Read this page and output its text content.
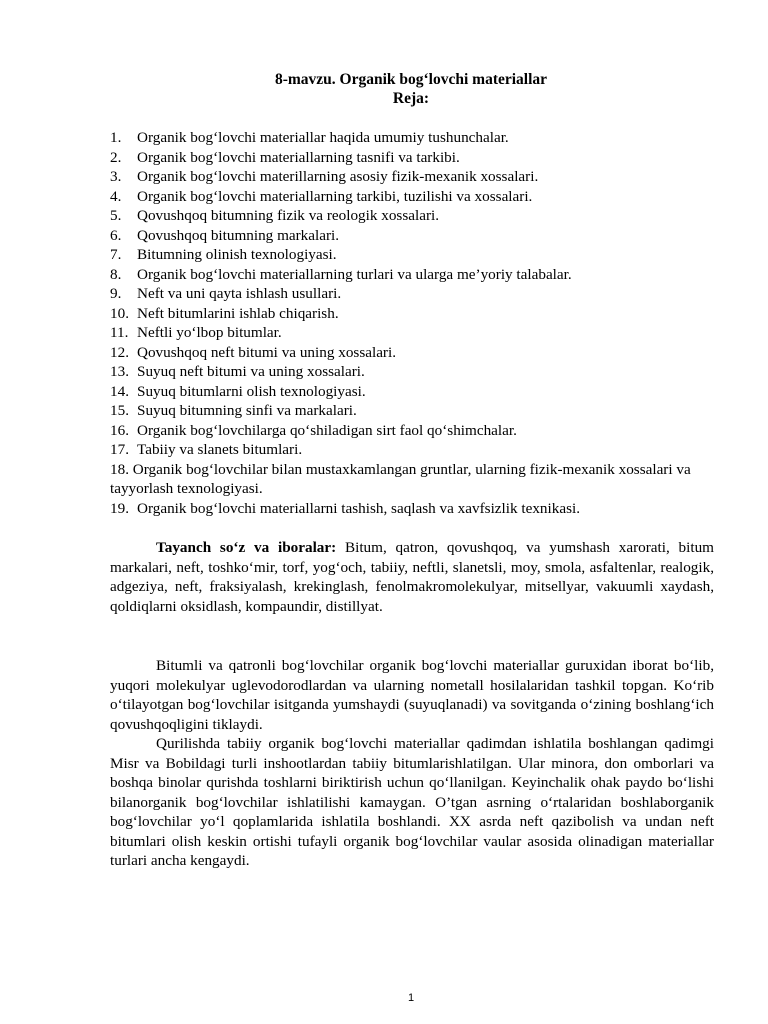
8-mavzu. Organik bog‘lovchi materiallar
Reja:
1. Organik bog‘lovchi materiallar haqida umumiy tushunchalar.
2. Organik bog‘lovchi materiallarning tasnifi va tarkibi.
3. Organik bog‘lovchi materillarning asosiy fizik-mexanik xossalari.
4. Organik bog‘lovchi materiallarning tarkibi, tuzilishi va xossalari.
5. Qovushqoq bitumning fizik va reologik xossalari.
6. Qovushqoq bitumning markalari.
7. Bitumning olinish texnologiyasi.
8. Organik bog‘lovchi materiallarning turlari va ularga me’yoriy talabalar.
9. Neft va uni qayta ishlash usullari.
10. Neft bitumlarini ishlab chiqarish.
11. Neftli yo‘lbop bitumlar.
12. Qovushqoq neft bitumi va uning xossalari.
13. Suyuq neft bitumi va uning xossalari.
14. Suyuq bitumlarni olish texnologiyasi.
15. Suyuq bitumning sinfi va markalari.
16. Organik bog‘lovchilarga qo‘shiladigan sirt faol qo‘shimchalar.
17. Tabiiy va slanets bitumlari.
18. Organik bog‘lovchilar bilan mustaxkamlangan gruntlar, ularning fizik-mexanik xossalari va tayyorlash texnologiyasi.
19. Organik bog‘lovchi materiallarni tashish, saqlash va xavfsizlik texnikasi.

Tayanch so‘z va iboralar: Bitum, qatron, qovushqoq, va yumshash xarorati, bitum markalari, neft, toshko‘mir, torf, yog‘och, tabiiy, neftli, slanetsli, moy, smola, asfaltenlar, realogik, adgeziya, neft, fraksiyalash, krekinglash, fenolmakromolekulyar, mitsellyar, vakuumli xaydash, qoldiqlarni oksidlash, kompaundir, distillyat.

Bitumli va qatronli bog‘lovchilar organik bog‘lovchi materiallar guruxidan iborat bo‘lib, yuqori molekulyar uglevodorodlardan va ularning nometall hosilalaridan tashkil topgan. Ko‘rib o‘tilayotgan bog‘lovchilar isitganda yumshaydi (suyuqlanadi) va sovitganda o‘zining boshlang‘ich qovushqoqligini tiklaydi.

Qurilishda tabiiy organik bog‘lovchi materiallar qadimdan ishlatila boshlangan qadimgi Misr va Bobildagi turli inshootlardan tabiiy bitumlarishlatilgan. Ular minora, don omborlari va boshqa binolar qurishda toshlarni biriktirish uchun qo‘llanilgan. Keyinchalik ohak paydo bo‘lishi bilanorganik bog‘lovchilar ishlatilishi kamaygan. O’tgan asrning o‘rtalaridan boshlaborganik bog‘lovchilar yo‘l qoplamlarida ishlatila boshlandi. XX asrda neft qazibolish va undan neft bitumlari olish keskin ortishi tufayli organik bog‘lovchilar vaular asosida olinadigan materiallar turlari ancha kengaydi.

1
